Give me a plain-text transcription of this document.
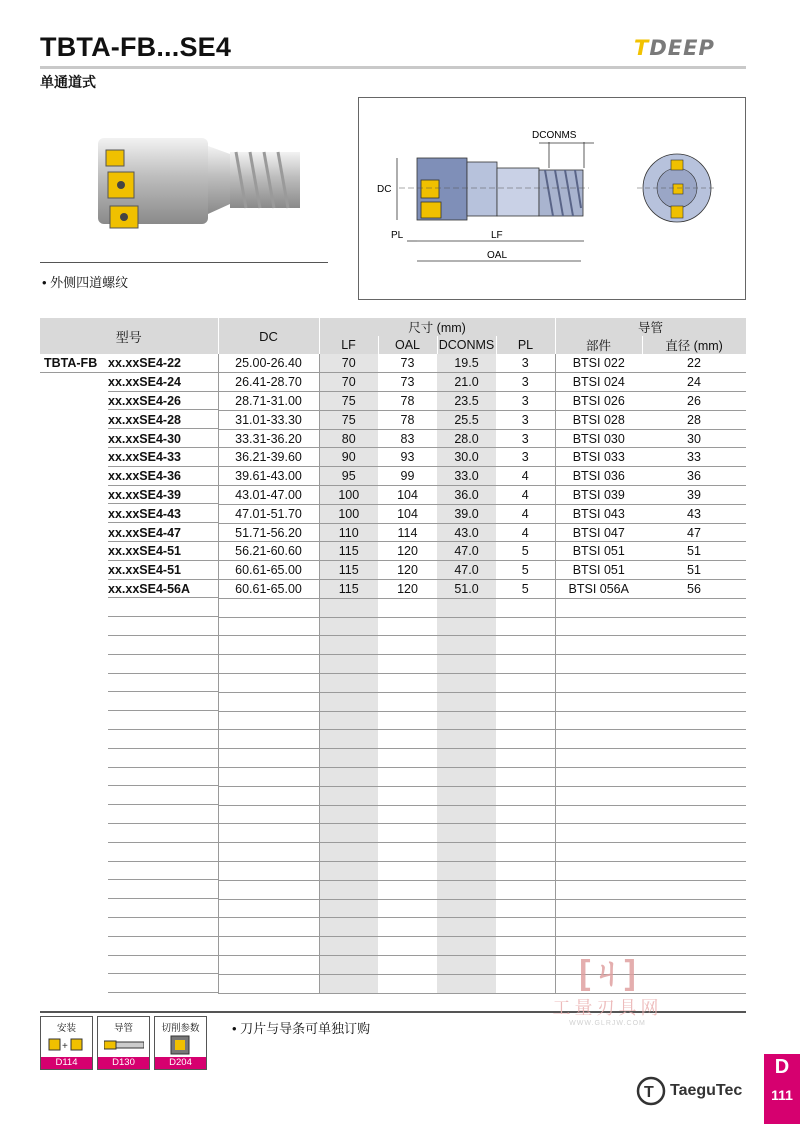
TBTA-FB...SE4
单通道式
TDEEP
• 外侧四道螺纹
DCONMS
DC
PL	LF
OAL
型号	DC	尺寸 (mm)				导管	
		LF	OAL	DCONMS	PL	部件	直径 (mm)
TBTA-FB xx.xxSE4-22	25.00-26.40	70	73	19.5	3	BTSI 022	22
xx.xxSE4-24	26.41-28.70	70	73	21.0	3	BTSI 024	24
xx.xxSE4-26	28.71-31.00	75	78	23.5	3	BTSI 026	26
xx.xxSE4-28	31.01-33.30	75	78	25.5	3	BTSI 028	28
xx.xxSE4-30	33.31-36.20	80	83	28.0	3	BTSI 030	30
xx.xxSE4-33	36.21-39.60	90	93	30.0	3	BTSI 033	33
xx.xxSE4-36	39.61-43.00	95	99	33.0	4	BTSI 036	36
xx.xxSE4-39	43.01-47.00	100	104	36.0	4	BTSI 039	39
xx.xxSE4-43	47.01-51.70	100	104	39.0	4	BTSI 043	43
xx.xxSE4-47	51.71-56.20	110	114	43.0	4	BTSI 047	47
xx.xxSE4-51	56.21-60.60	115	120	47.0	5	BTSI 051	51
xx.xxSE4-51	60.61-65.00	115	120	47.0	5	BTSI 051	51
xx.xxSE4-56A	60.61-65.00	115	120	51.0	5	BTSI 056A	56

安装
+
D114
导管
D130
切削参数
D204
• 刀片与导条可单独订购
[ㄐ]
工量刃具网
WWW.GLRJW.COM
T TaeguTec
D
111
